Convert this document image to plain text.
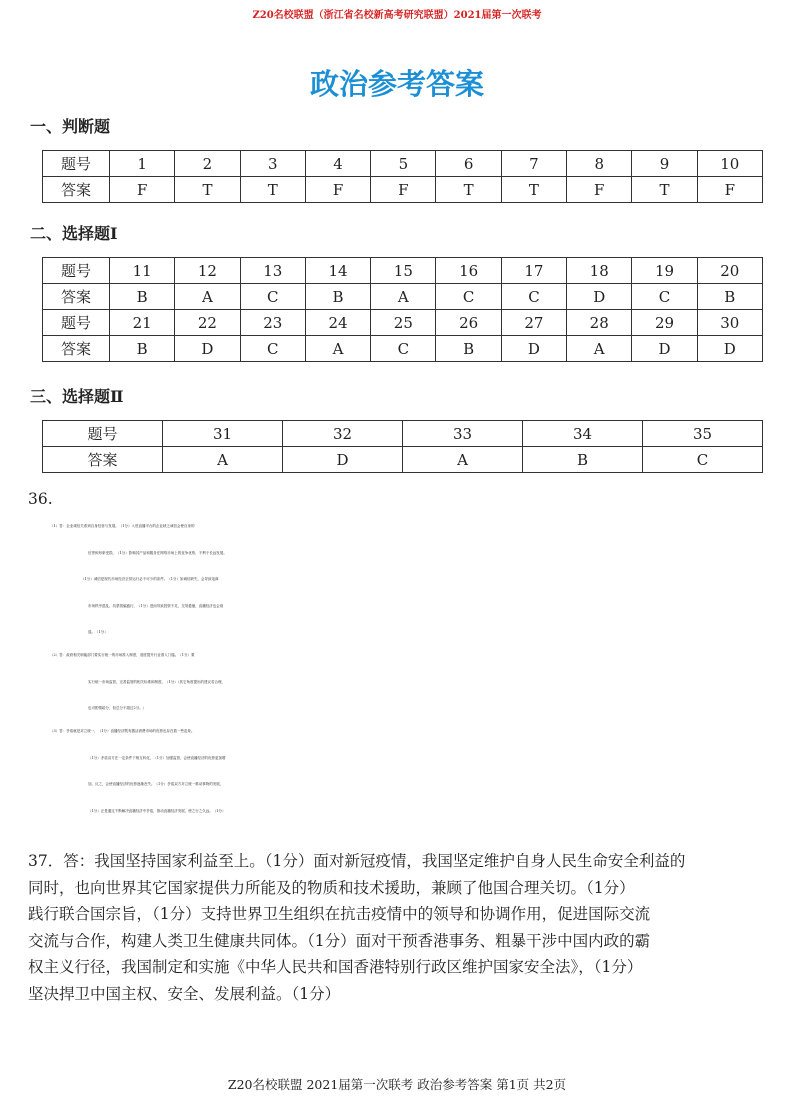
Z20名校联盟（浙江省名校新高考研究联盟）2021届第一次联考
政治参考答案
一、判断题
题号	1	2	3	4	5	6	7	8	9	10
答案	F	T	T	F	F	T	T	F	T	F
二、选择题Ⅰ
题号	11	12	13	14	15	16	17	18	19	20
答案	B	A	C	B	A	C	C	D	C	B
题号	21	22	23	24	25	26	27	28	29	30
答案	B	D	C	A	C	B	D	A	D	D
三、选择题Ⅱ
题号	31	32	33	34	35
答案	A	D	A	B	C
36.
（1）答：企业诚信关系到自身经营与发展。（1分）入驻直播平台的企业缺乏诚信会使自身的
信誉和形象受损，（1分）影响其产品和服务在网络市场上的竞争优势，不利于长远发展。
（1分）诚信是现代市场经济正常运行必不可少的条件。（1分）如诚信缺失，会导致电商
市场秩序混乱、坑蒙拐骗盛行，（1分）进而导致投资不足、交易萎缩，直播经济也会衰
退。（1分）
（2）答：政府相关职能部门要实行统一的市场准入制度，适度提升行业准入门槛。（1分）要
实行统一市场监管，完善监管的相关标准和制度。（1分）（其它角度提出的建议若合理，
也可酌情给分，但总分不超过2分。）
（3）答：矛盾就是对立统一，（1分）直播经济既有激活消费市场的优势也存在着一些乱象。
（1分）矛盾双方在一定条件下相互转化，（1分）加强监管，会使直播经济的优势更加增
加，反之，会使直播经济的优势逐渐丧失。（1分）矛盾双方对立统一推动事物的发展，
（1分）正是通过不断解决直播经济中矛盾，推动直播经济发展，使之行之久远。（1分）
37．答：我国坚持国家利益至上。（1分）面对新冠疫情，我国坚定维护自身人民生命安全利益的
同时，也向世界其它国家提供力所能及的物质和技术援助，兼顾了他国合理关切。（1分）
践行联合国宗旨，（1分）支持世界卫生组织在抗击疫情中的领导和协调作用，促进国际交流
交流与合作，构建人类卫生健康共同体。（1分）面对干预香港事务、粗暴干涉中国内政的霸
权主义行径，我国制定和实施《中华人民共和国香港特别行政区维护国家安全法》，（1分）
坚决捍卫中国主权、安全、发展利益。（1分）
Z20名校联盟 2021届第一次联考 政治参考答案 第1页 共2页
